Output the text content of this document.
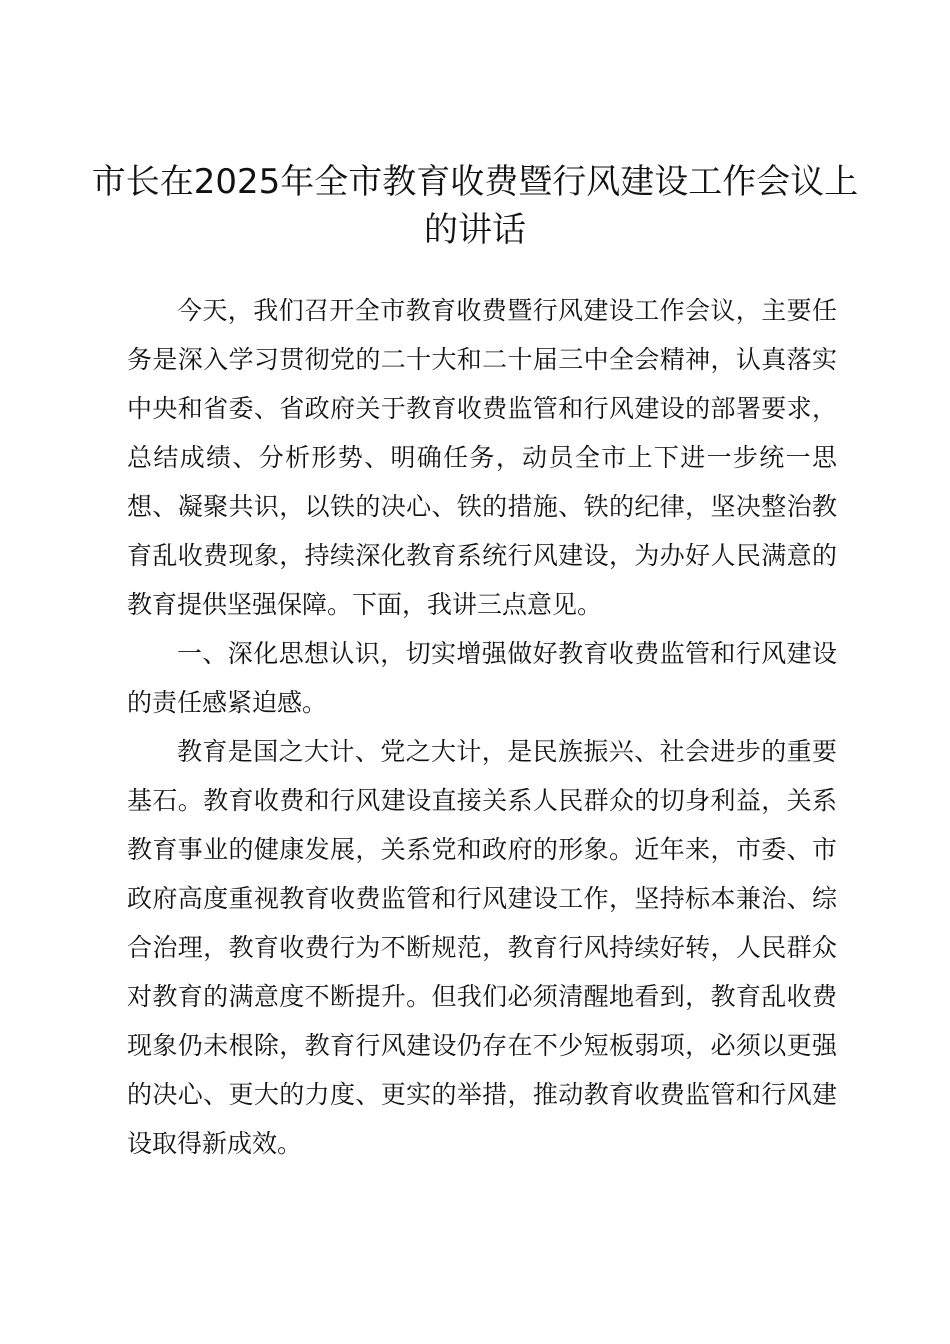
市长在2025年全市教育收费暨行风建设工作会议上的讲话

今天，我们召开全市教育收费暨行风建设工作会议，主要任务是深入学习贯彻党的二十大和二十届三中全会精神，认真落实中央和省委、省政府关于教育收费监管和行风建设的部署要求，总结成绩、分析形势、明确任务，动员全市上下进一步统一思想、凝聚共识，以铁的决心、铁的措施、铁的纪律，坚决整治教育乱收费现象，持续深化教育系统行风建设，为办好人民满意的教育提供坚强保障。下面，我讲三点意见。

一、深化思想认识，切实增强做好教育收费监管和行风建设的责任感紧迫感。

教育是国之大计、党之大计，是民族振兴、社会进步的重要基石。教育收费和行风建设直接关系人民群众的切身利益，关系教育事业的健康发展，关系党和政府的形象。近年来，市委、市政府高度重视教育收费监管和行风建设工作，坚持标本兼治、综合治理，教育收费行为不断规范，教育行风持续好转，人民群众对教育的满意度不断提升。但我们必须清醒地看到，教育乱收费现象仍未根除，教育行风建设仍存在不少短板弱项，必须以更强的决心、更大的力度、更实的举措，推动教育收费监管和行风建设取得新成效。
